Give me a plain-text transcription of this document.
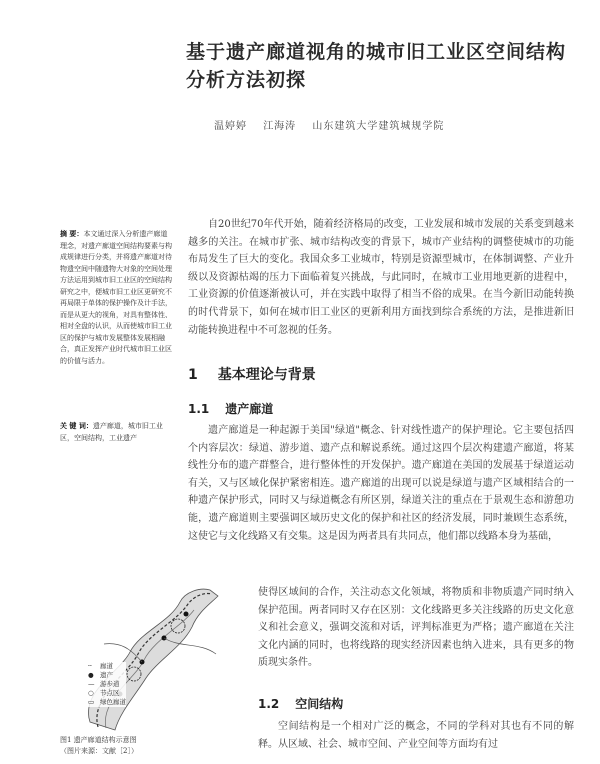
基于遗产廊道视角的城市旧工业区空间结构分析方法初探
温婷婷 江海涛 山东建筑大学建筑城规学院
摘 要：本文通过深入分析遗产廊道理念，对遗产廊道空间结构要素与构成规律进行分类，并将遗产廊道对待物遗空间中随遗物大对象的空间处理方法运用到城市旧工业区的空间结构研究之中，便城市旧工业区更研究不再局限于单体的保护操作及计手法，而是从更大的视角，对具有整体性、相对全盘的认识，从而使城市旧工业区的保护与城市发展整体发展相融合，真正发挥产业时代城市旧工业区的价值与活力。
关 键 词：遗产廊道，城市旧工业区，空间结构，工业遗产
自20世纪70年代开始，随着经济格局的改变，工业发展和城市发展的关系变到越来越多的关注。在城市扩张、城市结构改变的背景下，城市产业结构的调整使城市的功能布局发生了巨大的变化。我国众多工业城市，特别是资源型城市，在体制调整、产业升级以及资源枯竭的压力下面临着复兴挑战，与此同时，在城市工业用地更新的进程中，工业资源的价值逐渐被认可，并在实践中取得了相当不俗的成果。在当今新旧动能转换的时代背景下，如何在城市旧工业区的更新利用方面找到综合系统的方法，是推进新旧动能转换进程中不可忽视的任务。
1 基本理论与背景
1.1 遗产廊道
遗产廊道是一种起源于美国"绿道"概念、针对线性遗产的保护理论。它主要包括四个内容层次：绿道、游步道、遗产点和解说系统。通过这四个层次构建遗产廊道，将某线性分布的遗产群整合，进行整体性的开发保护。遗产廊道在美国的发展基于绿道运动有关，又与区域化保护紧密相连。遗产廊道的出现可以说是绿道与遗产区域相结合的一种遗产保护形式，同时又与绿道概念有所区别，绿道关注的重点在于景观生态和游憩功能，遗产廊道则主要强调区域历史文化的保护和社区的经济发展，同时兼顾生态系统，这使它与文化线路又有交集。这是因为两者具有共同点，他们都以线路本身为基础，
使得区域间的合作，关注动态文化领域，将物质和非物质遗产同时纳入保护范围。两者同时又存在区别：文化线路更多关注线路的历史文化意义和社会意义，强调交流和对话，评判标准更为严格；遗产廊道在关注文化内涵的同时，也将线路的现实经济因素也纳入进来，具有更多的物质现实条件。
1.2 空间结构
空间结构是一个相对广泛的概念，不同的学科对其也有不同的解释。从区域、社会、城市空间、产业空间等方面均有过
╌ 廊道
● 遗产
— 游步道
○ 节点区
▭ 绿色廊道
图1 遗产廊道结构示意图
（图片来源：文献［2］）
